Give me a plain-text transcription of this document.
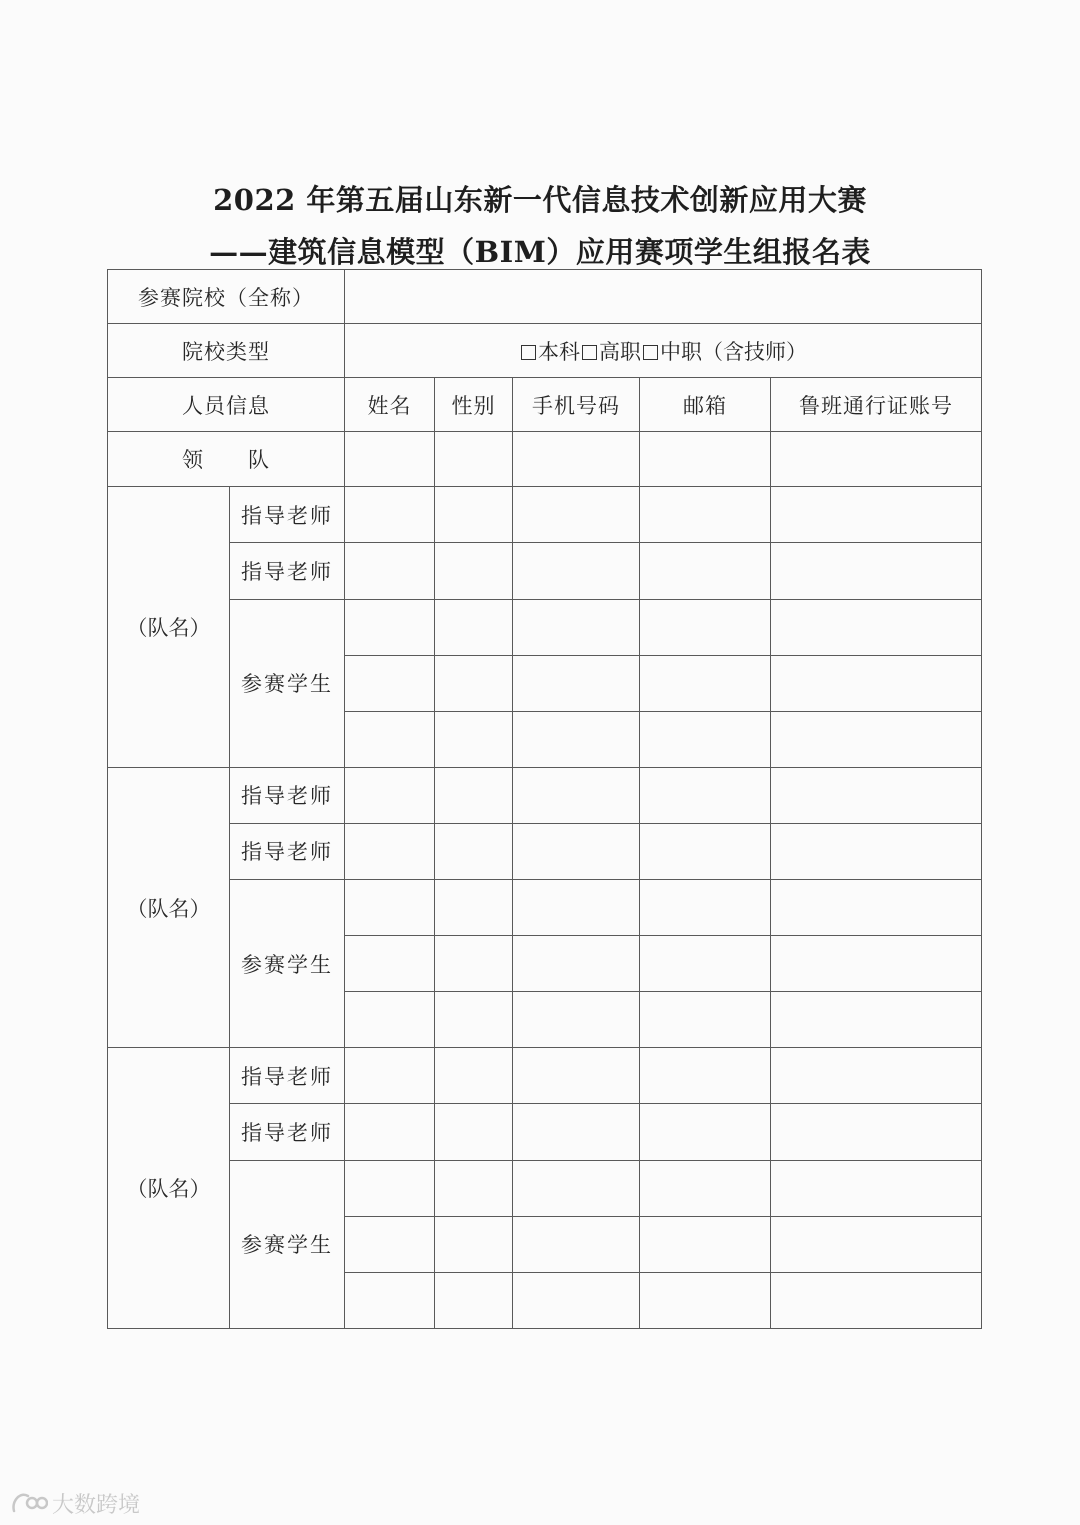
2022 年第五届山东新一代信息技术创新应用大赛
——建筑信息模型（BIM）应用赛项学生组报名表
参赛院校（全称）						
院校类型		本科 高职 中职（含技师）				
人员信息		姓名	性别	手机号码	邮箱	鲁班通行证账号
领　　队						
（队名）	指导老师					
	指导老师					
	参赛学生					

（队名）	指导老师					
	指导老师					
	参赛学生					

（队名）	指导老师					
	指导老师					
	参赛学生					

大数跨境
